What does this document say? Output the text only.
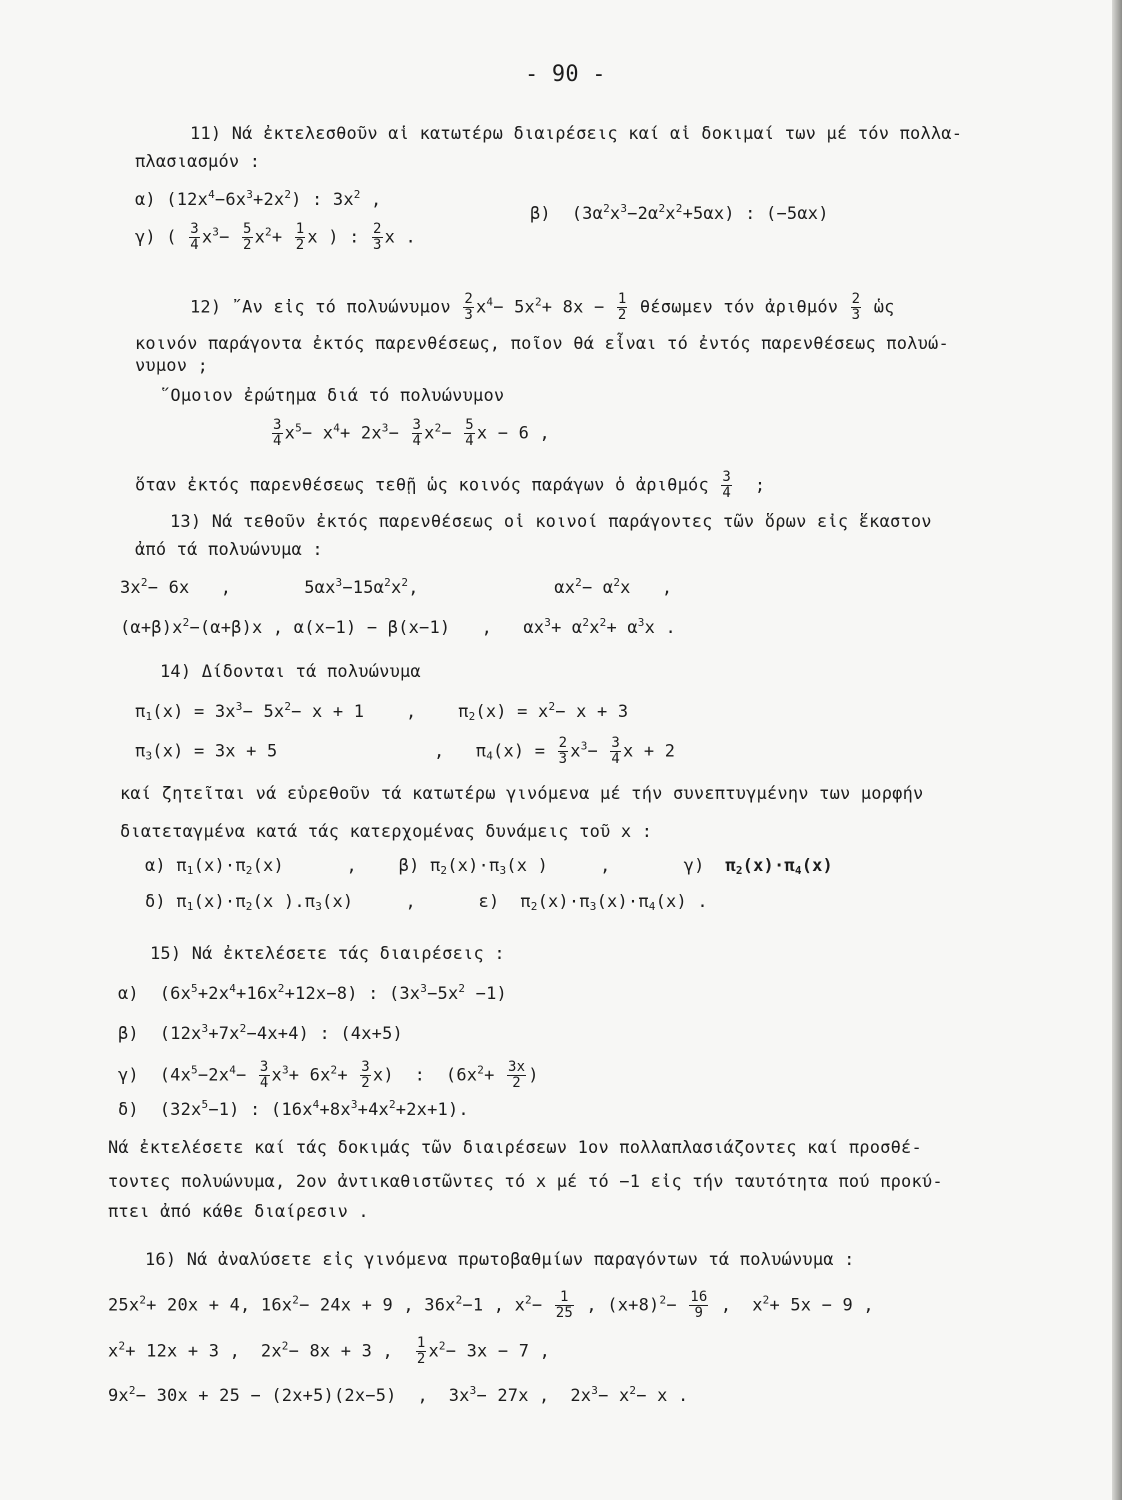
- 90 -
11) Νά ἐκτελεσθοῦν αἱ κατωτέρω διαιρέσεις καί αἱ δοκιμαί των μέ τόν πολλα-
πλασιασμόν :
α) $(12x^4-6x^3+2x^2)$ : $3x^2$ ,
β)  $(3\alpha^2x^3-2\alpha^2x^2+5\alpha x)$ : (−5αx)
γ) ( $\frac{3}{4} x^3- \frac{5}{2} x^2+ \frac{1}{2}$ x ) : $\frac{2}{3}$ x .
12) ῎Αν εἰς τό πολυώνυμον $\frac{2}{3} x^4- 5x^2+ 8x - \frac{1}{2}$ θέσωμεν τόν ἀριθμόν $\frac{2}{3}$ ὡς
κοινόν παράγοντα ἐκτός παρενθέσεως, ποῖον θά εἶναι τό ἐντός παρενθέσεως πολυώ-
νυμον ;
῞Ομοιον ἐρώτημα διά τό πολυώνυμον
$\frac{3}{4} x^5- x^4+ 2x^3- \frac{3}{4} x^2- \frac{5}{4}$ x − 6 ,
ὅταν ἐκτός παρενθέσεως τεθῇ ὡς κοινός παράγων ὁ ἀριθμός $\frac{3}{4}$ ;
13) Νά τεθοῦν ἐκτός παρενθέσεως οἱ κοινοί παράγοντες τῶν ὅρων εἰς ἕκαστον
ἀπό τά πολυώνυμα :
$3x^2- 6x$   ,       $5\alpha x^3-15\alpha^2x^2$,             $\alpha x^2- \alpha^2x$   ,
$(\alpha+\beta)x^2-(\alpha+\beta)x$ , α(x−1) − β(x−1)   ,   $\alpha x^3+ \alpha^2x^2+ \alpha^3x$ .
14) Δίδονται τά πολυώνυμα
$\pi_1(x) = 3x^3- 5x^2- x + 1$    ,    $\pi_2(x) = x^2- x + 3$
$\pi_3(x) = 3x + 5$               ,   $\pi_4(x) = \frac{2}{3} x^3- \frac{3}{4}$ x + 2
καί ζητεῖται νά εὑρεθοῦν τά κατωτέρω γινόμενα μέ τήν συνεπτυγμένην των μορφήν
διατεταγμένα κατά τάς κατερχομένας δυνάμεις τοῦ x :
α) $\pi_1(x)\cdot\pi_2(x)$      ,    β) $\pi_2(x)\cdot\pi_3(x$ )     ,       γ)  $\pi_2(x)\cdot\pi_4(x)$
δ) $\pi_1(x)\cdot\pi_2(x$ )$.\pi_3(x)$     ,      ε)  $\pi_2(x)\cdot\pi_3(x)\cdot\pi_4(x)$ .
15) Νά ἐκτελέσετε τάς διαιρέσεις :
α)  $(6x^5+2x^4+16x^2+12x-8)$ : $(3x^3-5x^2 -1)$
β)  $(12x^3+7x^2-4x+4)$ : (4x+5)
γ)  $(4x^5-2x^4- \frac{3}{4} x^3+ 6x^2+ \frac{3}{2} x)$  :  ($6x^2+ \frac{3x}{2}$ )
δ)  $(32x^5-1)$ : $(16x^4+8x^3+4x^2+2x+1)$.
Νά ἐκτελέσετε καί τάς δοκιμάς τῶν διαιρέσεων 1ον πολλαπλασιάζοντες καί προσθέ-
τοντες πολυώνυμα, 2ον ἀντικαθιστῶντες τό x μέ τό −1 εἰς τήν ταυτότητα πού προκύ-
πτει ἀπό κάθε διαίρεσιν .
16) Νά ἀναλύσετε εἰς γινόμενα πρωτοβαθμίων παραγόντων τά πολυώνυμα :
$25x^2+ 20x + 4$, $16x^2- 24x + 9$ , $36x^2-1$ , $x^2- \frac{1}{25}$ , $(x+8)^2- \frac{16}{9}$ ,  $x^2+ 5x - 9$ ,
$x^2+ 12x + 3$ ,  $2x^2- 8x + 3$ , $\frac{1}{2} x^2- 3x - 7$ ,
$9x^2- 30x + 25 - (2x+5)(2x-5)$  ,  $3x^3- 27x$ ,  $2x^3- x^2- x$ .
